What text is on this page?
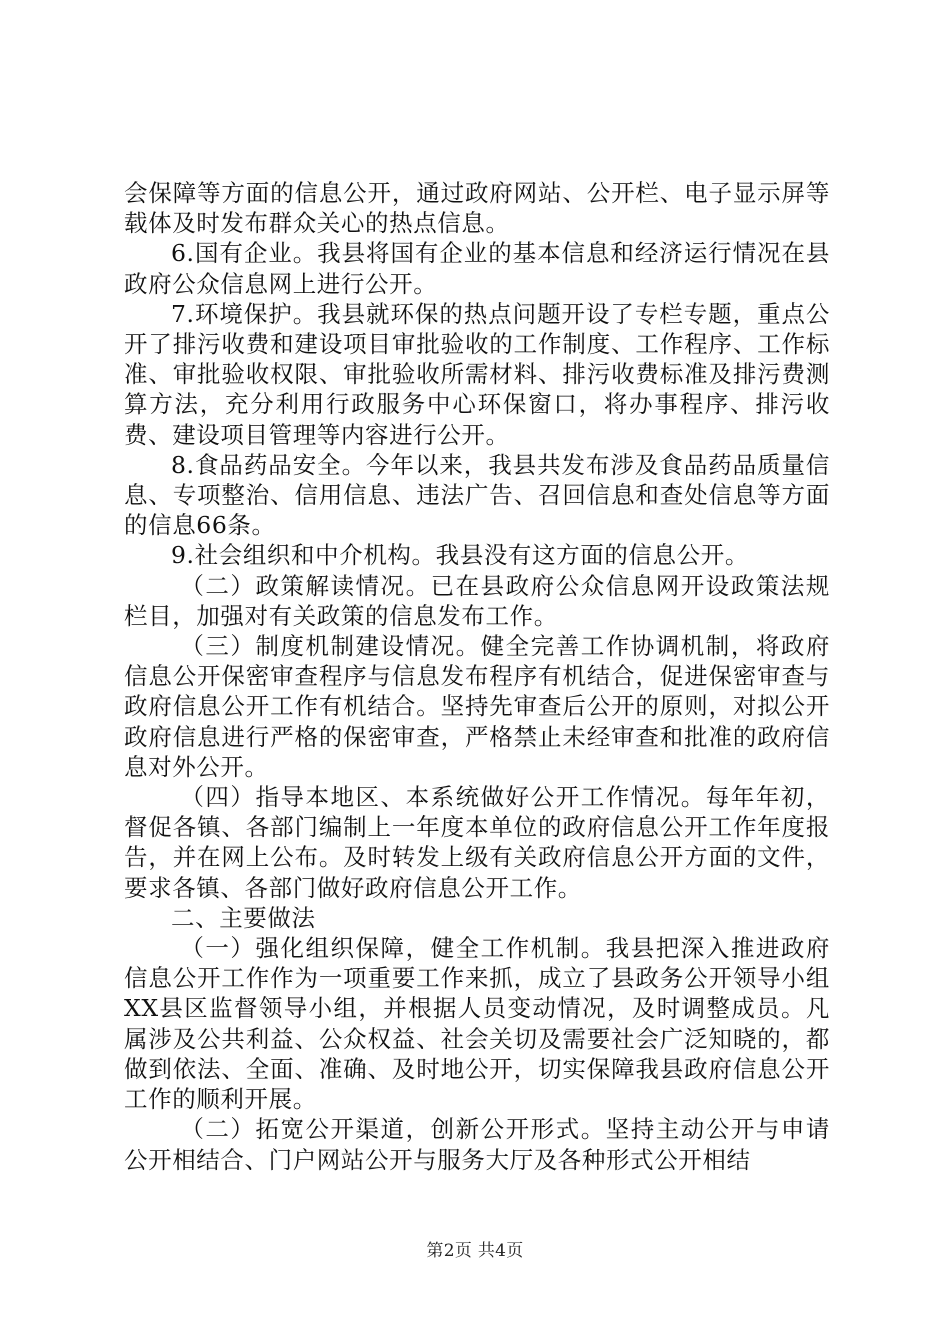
会保障等方面的信息公开，通过政府网站、公开栏、电子显示屏等载体及时发布群众关心的热点信息。

6.国有企业。我县将国有企业的基本信息和经济运行情况在县政府公众信息网上进行公开。

7.环境保护。我县就环保的热点问题开设了专栏专题，重点公开了排污收费和建设项目审批验收的工作制度、工作程序、工作标准、审批验收权限、审批验收所需材料、排污收费标准及排污费测算方法，充分利用行政服务中心环保窗口，将办事程序、排污收费、建设项目管理等内容进行公开。

8.食品药品安全。今年以来，我县共发布涉及食品药品质量信息、专项整治、信用信息、违法广告、召回信息和查处信息等方面的信息66条。

9.社会组织和中介机构。我县没有这方面的信息公开。

（二）政策解读情况。已在县政府公众信息网开设政策法规栏目，加强对有关政策的信息发布工作。

（三）制度机制建设情况。健全完善工作协调机制，将政府信息公开保密审查程序与信息发布程序有机结合，促进保密审查与政府信息公开工作有机结合。坚持先审查后公开的原则，对拟公开政府信息进行严格的保密审查，严格禁止未经审查和批准的政府信息对外公开。

（四）指导本地区、本系统做好公开工作情况。每年年初，督促各镇、各部门编制上一年度本单位的政府信息公开工作年度报告，并在网上公布。及时转发上级有关政府信息公开方面的文件，要求各镇、各部门做好政府信息公开工作。

二、主要做法

（一）强化组织保障，健全工作机制。我县把深入推进政府信息公开工作作为一项重要工作来抓，成立了县政务公开领导小组XX县区监督领导小组，并根据人员变动情况，及时调整成员。凡属涉及公共利益、公众权益、社会关切及需要社会广泛知晓的，都做到依法、全面、准确、及时地公开，切实保障我县政府信息公开工作的顺利开展。

（二）拓宽公开渠道，创新公开形式。坚持主动公开与申请公开相结合、门户网站公开与服务大厅及各种形式公开相结

第2页 共4页
